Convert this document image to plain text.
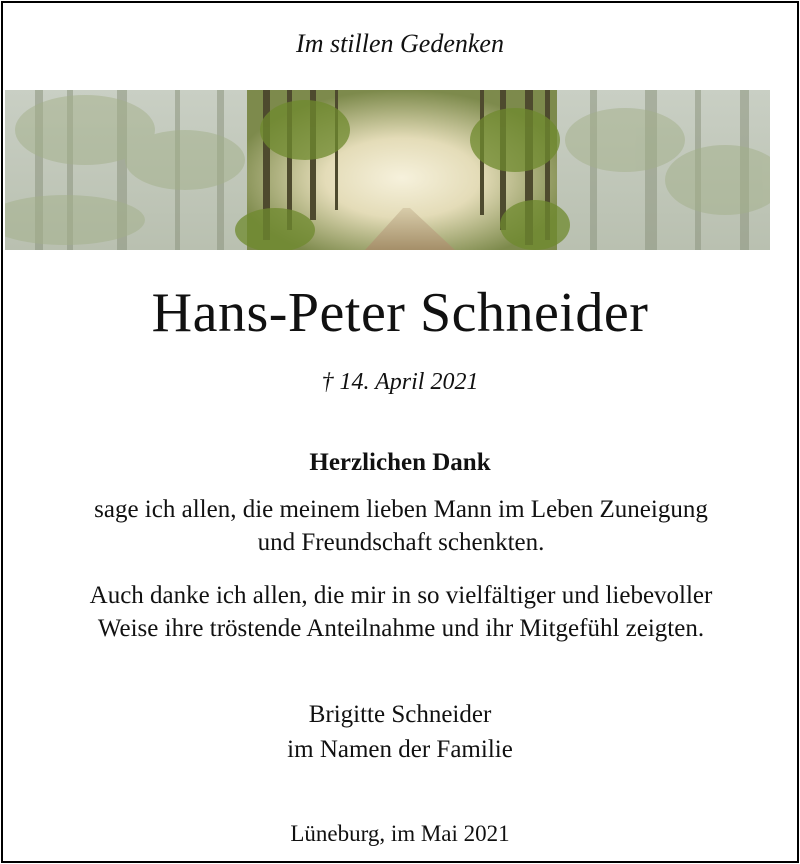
Im stillen Gedenken
Hans-Peter Schneider
† 14. April 2021
Herzlichen Dank
sage ich allen, die meinem lieben Mann im Leben Zuneigung
und Freundschaft schenkten.
Auch danke ich allen, die mir in so vielfältiger und liebevoller
Weise ihre tröstende Anteilnahme und ihr Mitgefühl zeigten.
Brigitte Schneider
im Namen der Familie
Lüneburg, im Mai 2021
